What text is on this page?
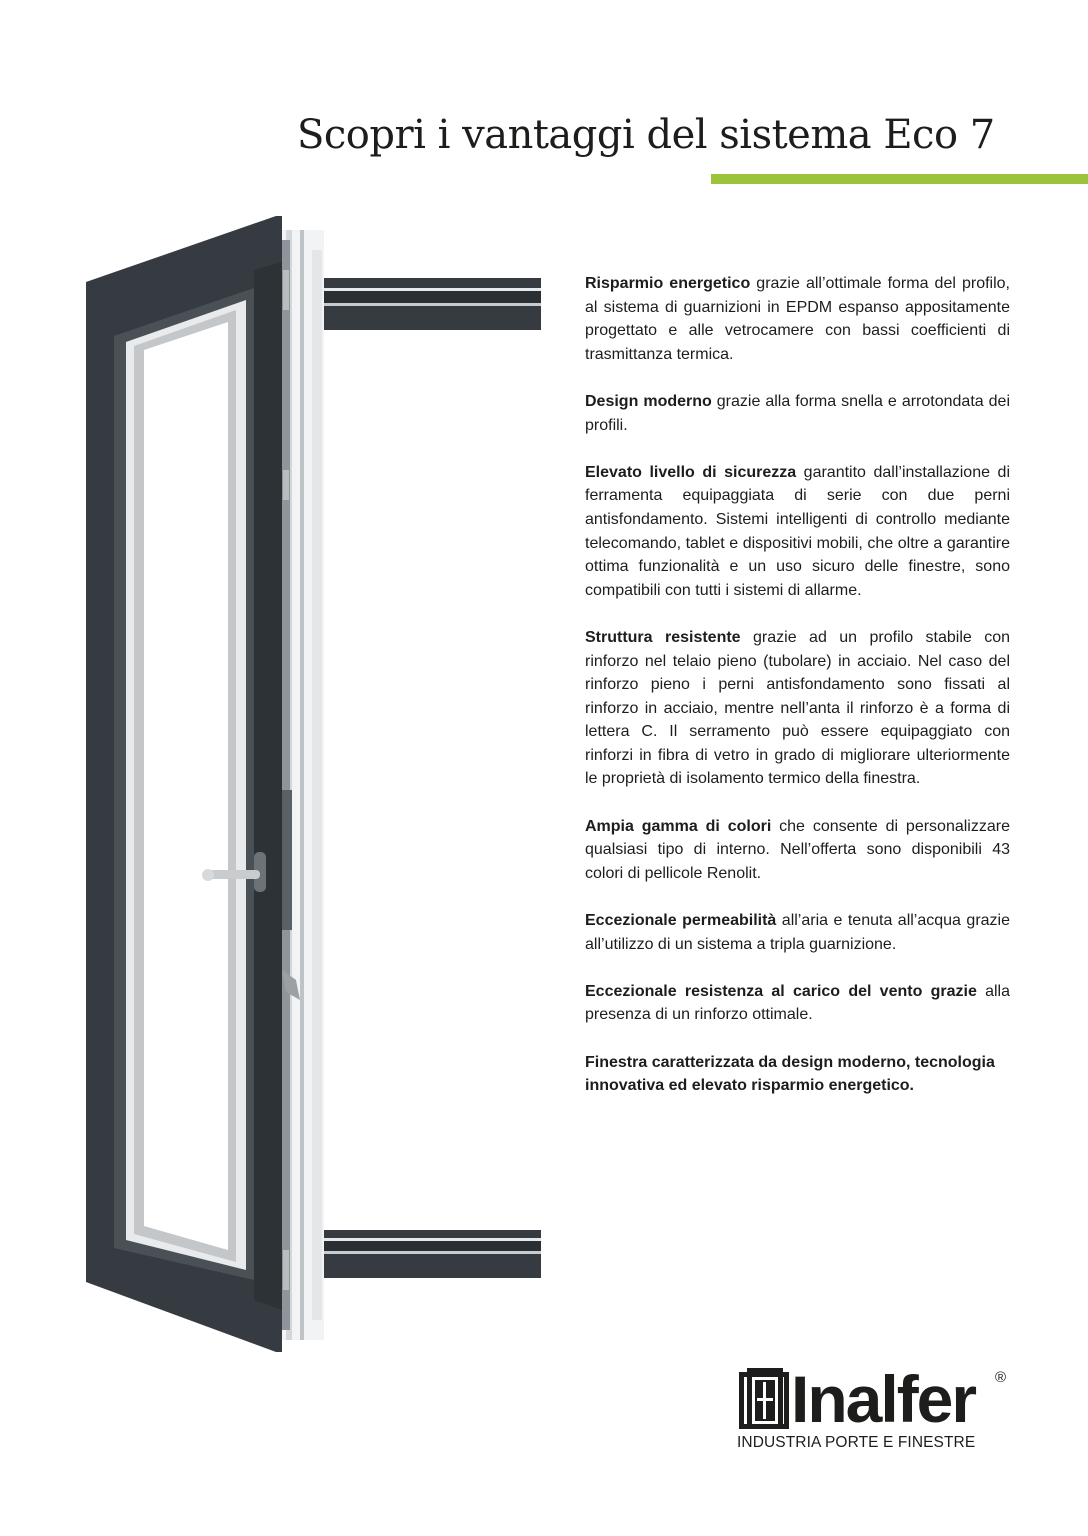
Scopri i vantaggi del sistema Eco 7

Risparmio energetico grazie all’ottimale forma del profilo, al sistema di guarnizioni in EPDM espanso appositamente progettato e alle vetrocamere con bassi coefficienti di trasmittanza termica.

Design moderno grazie alla forma snella e arrotondata dei profili.

Elevato livello di sicurezza garantito dall’installazione di ferramenta equipaggiata di serie con due perni antisfondamento. Sistemi intelligenti di controllo mediante telecomando, tablet e dispositivi mobili, che oltre a garantire ottima funzionalità e un uso sicuro delle finestre, sono compatibili con tutti i sistemi di allarme.

Struttura resistente grazie ad un profilo stabile con rinforzo nel telaio pieno (tubolare) in acciaio. Nel caso del rinforzo pieno i perni antisfondamento sono fissati al rinforzo in acciaio, mentre nell’anta il rinforzo è a forma di lettera C. Il serramento può essere equipaggiato con rinforzi in fibra di vetro in grado di migliorare ulteriormente le proprietà di isolamento termico della finestra.

Ampia gamma di colori che consente di personalizzare qualsiasi tipo di interno. Nell’offerta sono disponibili 43 colori di pellicole Renolit.

Eccezionale permeabilità all’aria e tenuta all’acqua grazie all’utilizzo di un sistema a tripla guarnizione.

Eccezionale resistenza al carico del vento grazie alla presenza di un rinforzo ottimale.

Finestra caratterizzata da design moderno, tecnologia innovativa ed elevato risparmio energetico.

Inalfer ®
INDUSTRIA PORTE E FINESTRE
